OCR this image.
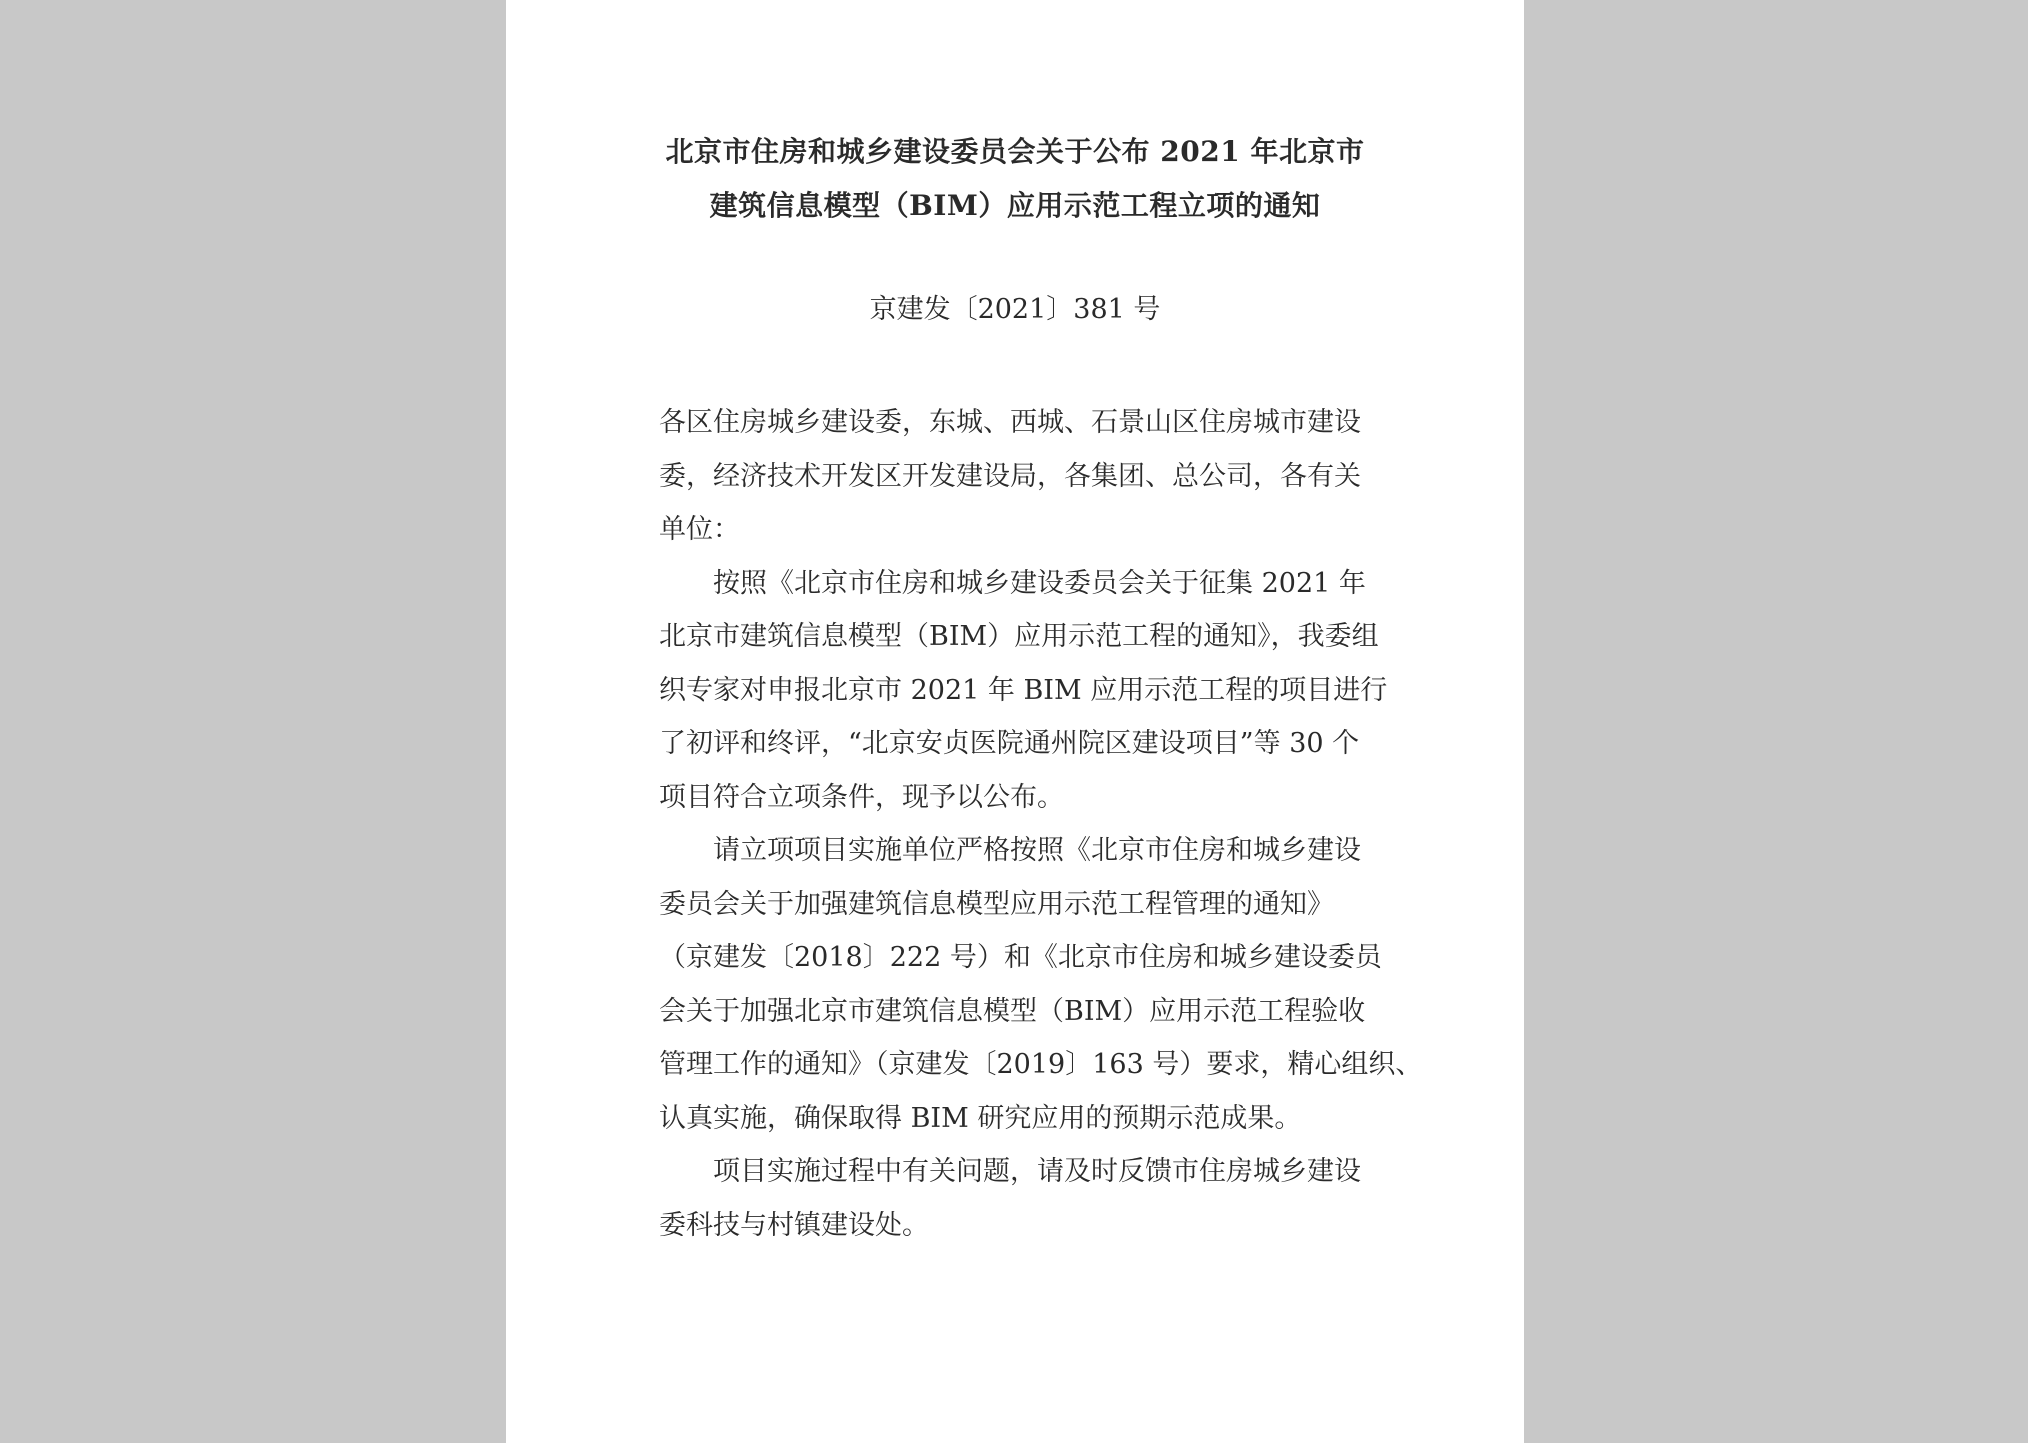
北京市住房和城乡建设委员会关于公布 2021 年北京市
建筑信息模型（BIM）应用示范工程立项的通知
京建发〔2021〕381 号
各区住房城乡建设委，东城、西城、石景山区住房城市建设
委，经济技术开发区开发建设局，各集团、总公司，各有关
单位：
　　按照《北京市住房和城乡建设委员会关于征集 2021 年
北京市建筑信息模型（BIM）应用示范工程的通知》，我委组
织专家对申报北京市 2021 年 BIM 应用示范工程的项目进行
了初评和终评，“北京安贞医院通州院区建设项目”等 30 个
项目符合立项条件，现予以公布。
　　请立项项目实施单位严格按照《北京市住房和城乡建设
委员会关于加强建筑信息模型应用示范工程管理的通知》
（京建发〔2018〕222 号）和《北京市住房和城乡建设委员
会关于加强北京市建筑信息模型（BIM）应用示范工程验收
管理工作的通知》（京建发〔2019〕163 号）要求，精心组织、
认真实施，确保取得 BIM 研究应用的预期示范成果。
　　项目实施过程中有关问题，请及时反馈市住房城乡建设
委科技与村镇建设处。
